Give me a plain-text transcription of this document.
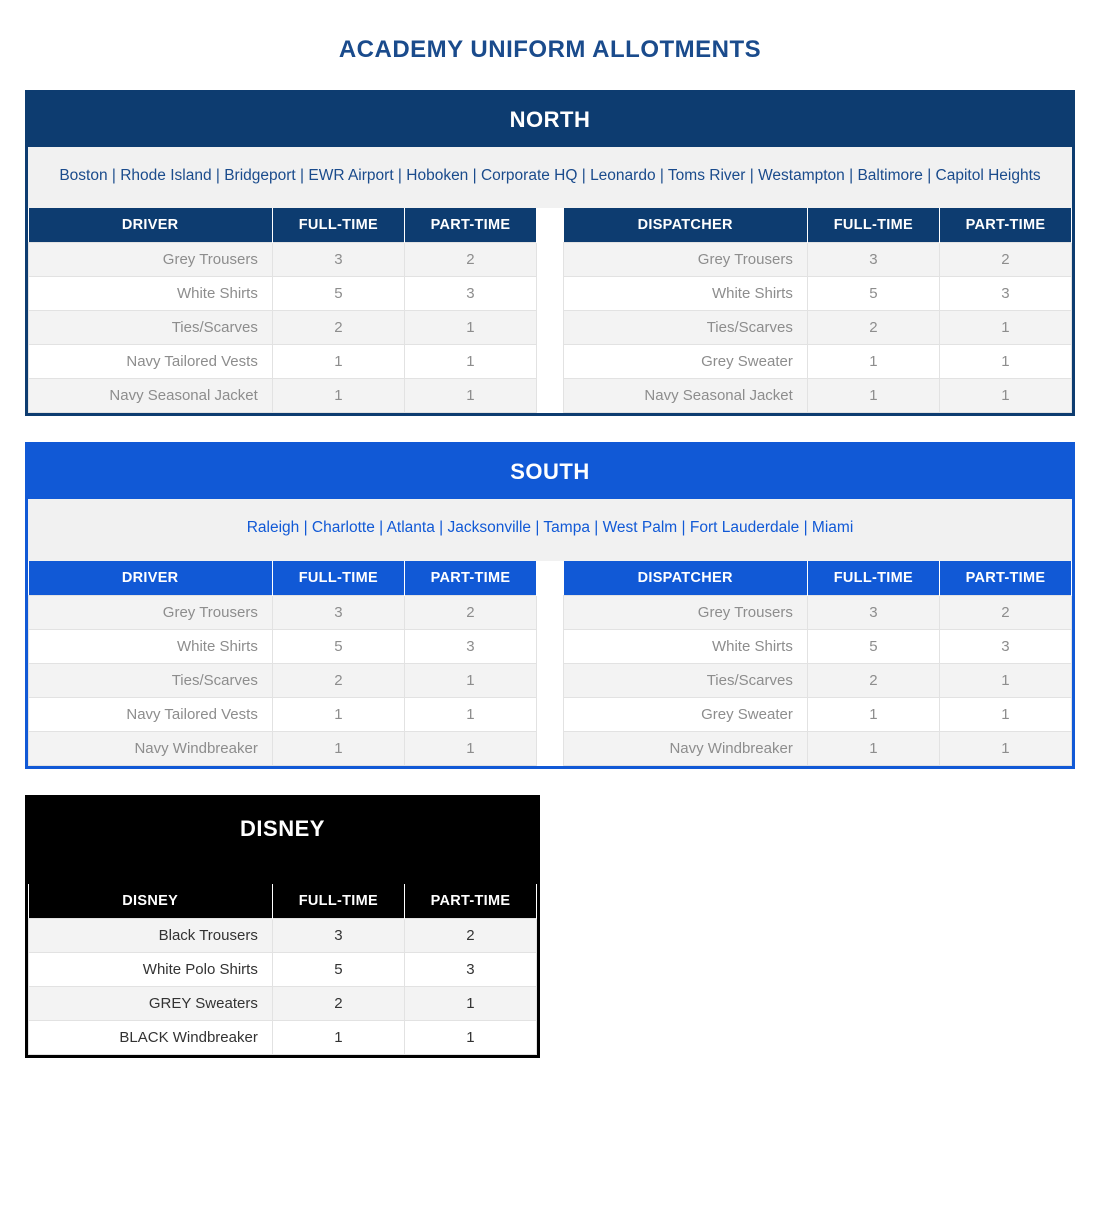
ACADEMY UNIFORM ALLOTMENTS
NORTH
Boston | Rhode Island | Bridgeport | EWR Airport | Hoboken | Corporate HQ | Leonardo | Toms River | Westampton | Baltimore | Capitol Heights
DRIVER	FULL-TIME	PART-TIME
Grey Trousers	3	2
White Shirts	5	3
Ties/Scarves	2	1
Navy Tailored Vests	1	1
Navy Seasonal Jacket	1	1
DISPATCHER	FULL-TIME	PART-TIME
Grey Trousers	3	2
White Shirts	5	3
Ties/Scarves	2	1
Grey Sweater	1	1
Navy Seasonal Jacket	1	1
SOUTH
Raleigh | Charlotte | Atlanta | Jacksonville | Tampa | West Palm | Fort Lauderdale | Miami
DRIVER	FULL-TIME	PART-TIME
Grey Trousers	3	2
White Shirts	5	3
Ties/Scarves	2	1
Navy Tailored Vests	1	1
Navy Windbreaker	1	1
DISPATCHER	FULL-TIME	PART-TIME
Grey Trousers	3	2
White Shirts	5	3
Ties/Scarves	2	1
Grey Sweater	1	1
Navy Windbreaker	1	1
DISNEY
DISNEY	FULL-TIME	PART-TIME
Black Trousers	3	2
White Polo Shirts	5	3
GREY Sweaters	2	1
BLACK Windbreaker	1	1
